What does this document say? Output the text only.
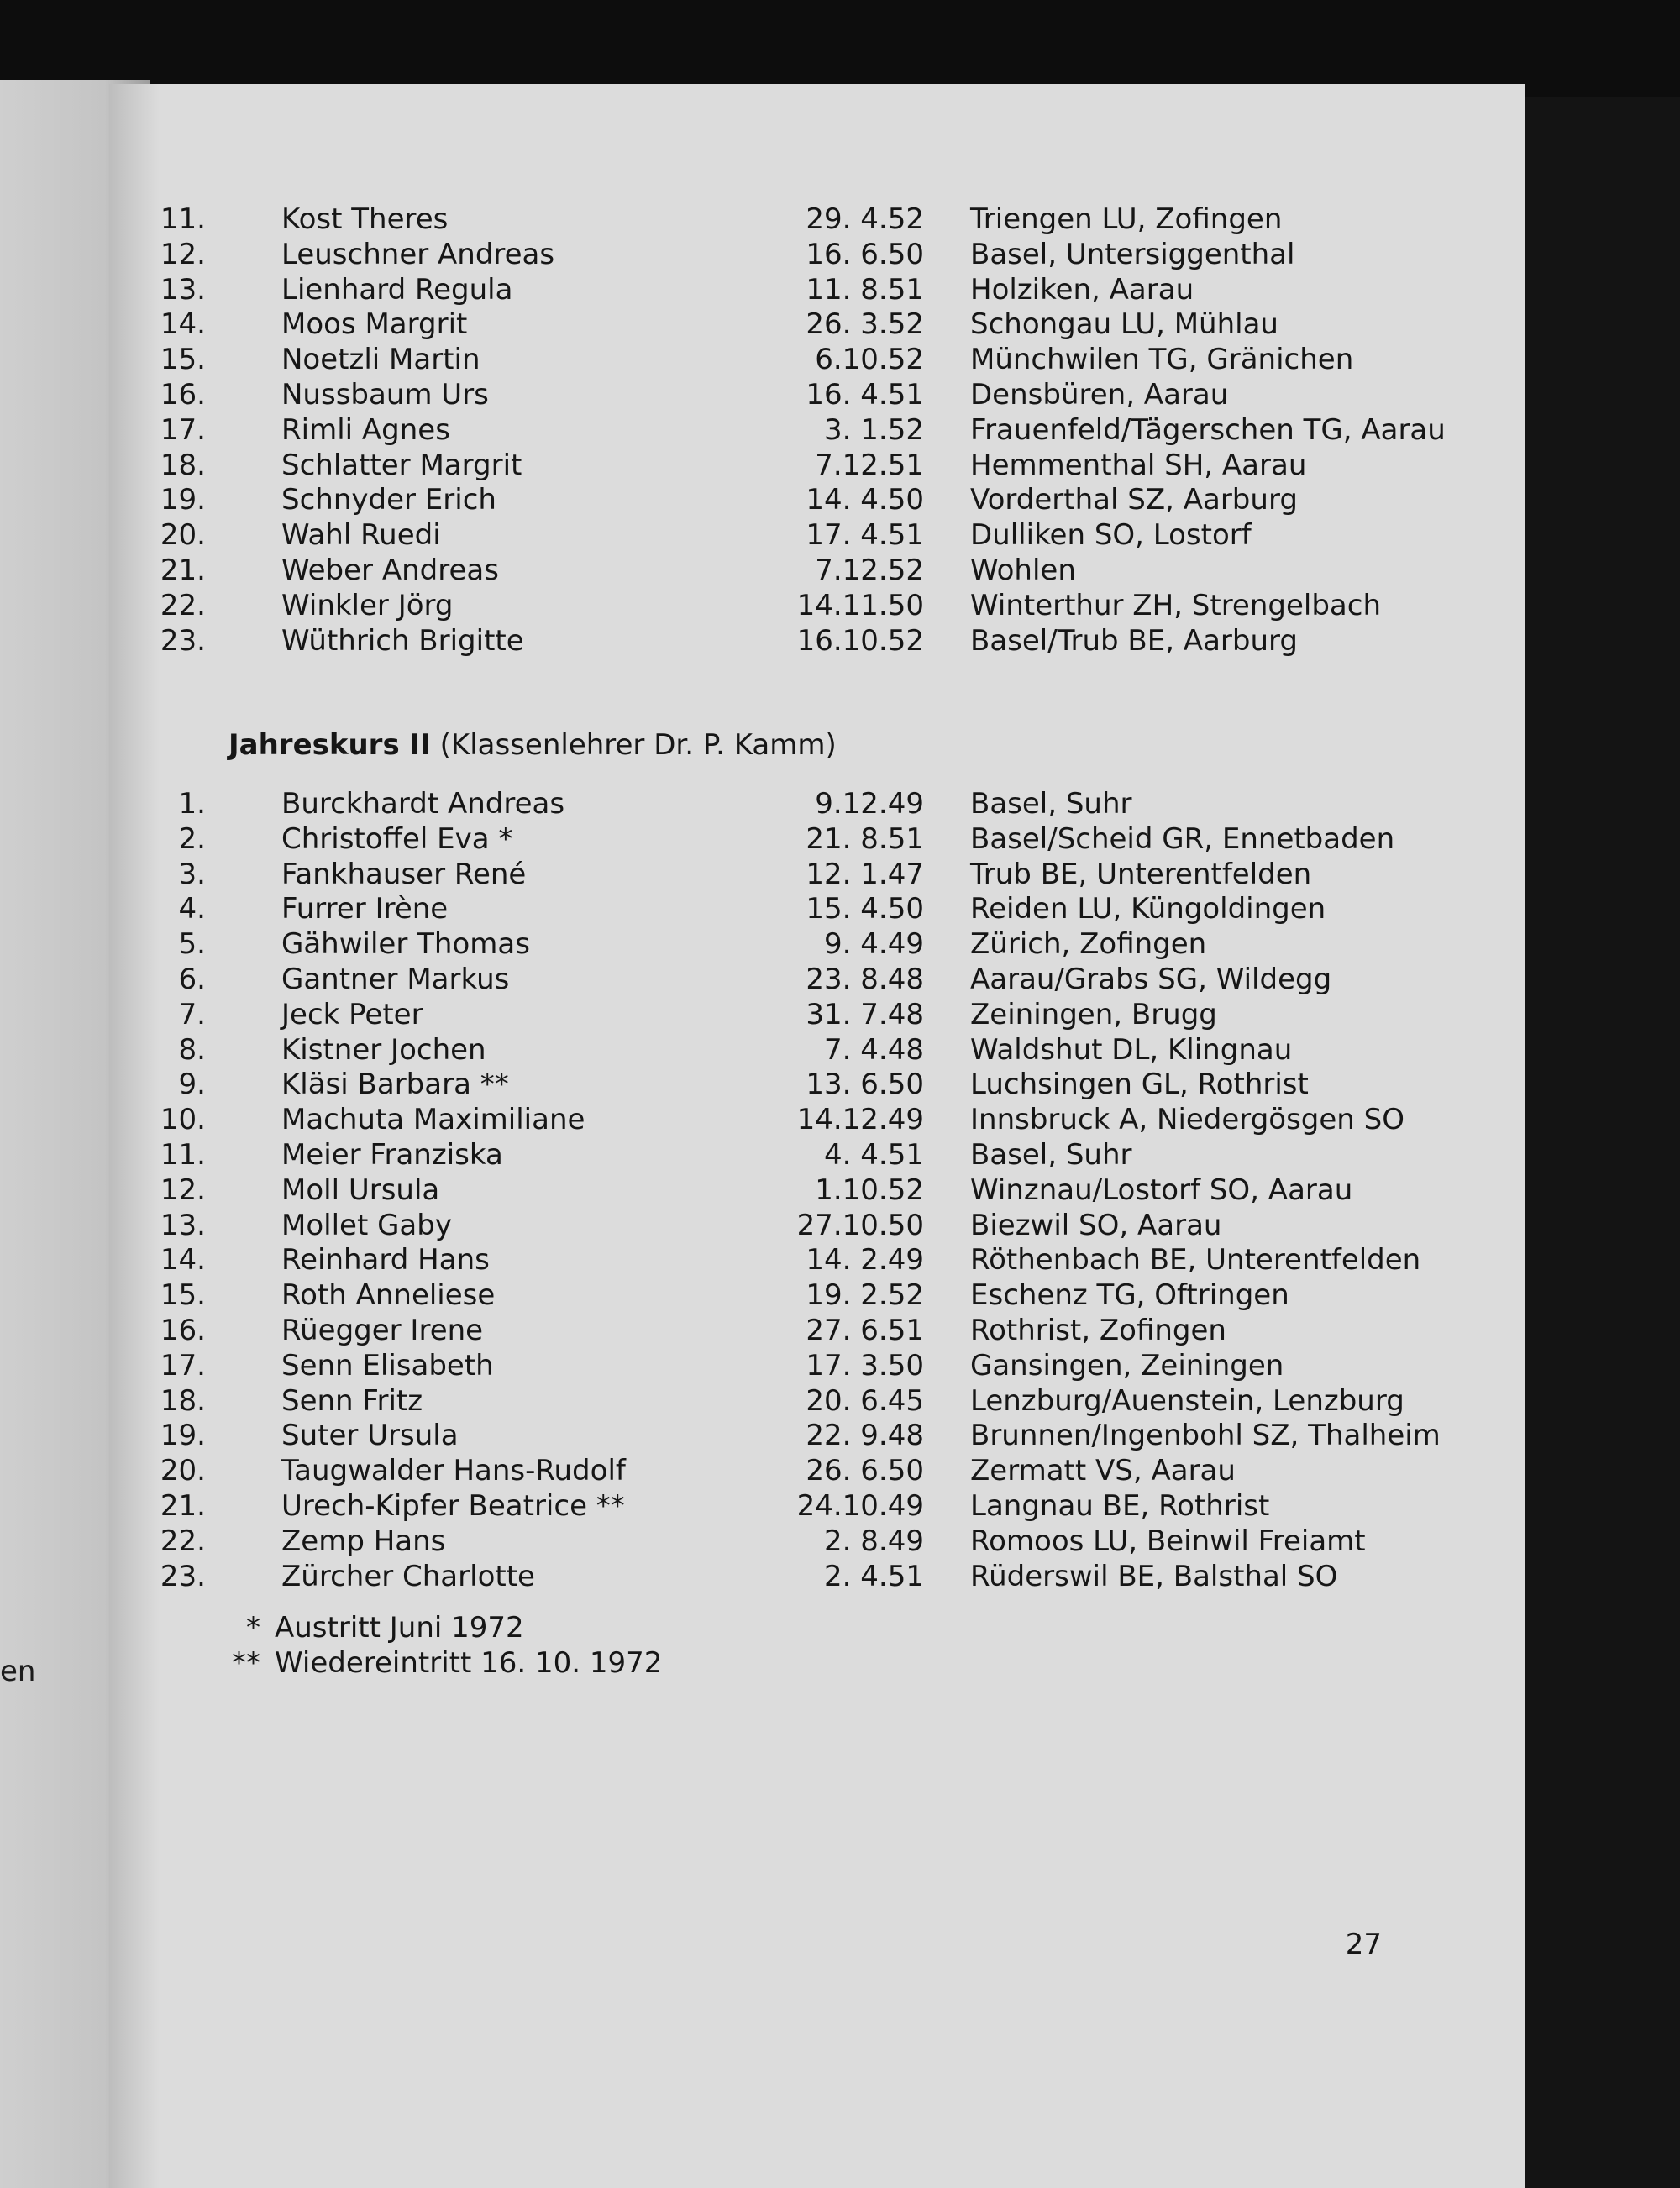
en
11.	Kost Theres	29. 4.52 Triengen LU, Zofingen
12.	Leuschner Andreas	16. 6.50 Basel, Untersiggenthal
13.	Lienhard Regula	11. 8.51 Holziken, Aarau
14.	Moos Margrit	26. 3.52 Schongau LU, Mühlau
15.	Noetzli Martin	6.10.52 Münchwilen TG, Gränichen
16.	Nussbaum Urs	16. 4.51 Densbüren, Aarau
17.	Rimli Agnes	3. 1.52 Frauenfeld/Tägerschen TG, Aarau
18.	Schlatter Margrit	7.12.51 Hemmenthal SH, Aarau
19.	Schnyder Erich	14. 4.50 Vorderthal SZ, Aarburg
20.	Wahl Ruedi	17. 4.51 Dulliken SO, Lostorf
21.	Weber Andreas	7.12.52 Wohlen
22.	Winkler Jörg	14.11.50 Winterthur ZH, Strengelbach
23.	Wüthrich Brigitte	16.10.52 Basel/Trub BE, Aarburg
Jahreskurs II (Klassenlehrer Dr. P. Kamm)
1.	Burckhardt Andreas	9.12.49 Basel, Suhr
2.	Christoffel Eva *	21. 8.51 Basel/Scheid GR, Ennetbaden
3.	Fankhauser René	12. 1.47 Trub BE, Unterentfelden
4.	Furrer Irène	15. 4.50 Reiden LU, Küngoldingen
5.	Gähwiler Thomas	9. 4.49 Zürich, Zofingen
6.	Gantner Markus	23. 8.48 Aarau/Grabs SG, Wildegg
7.	Jeck Peter	31. 7.48 Zeiningen, Brugg
8.	Kistner Jochen	7. 4.48 Waldshut DL, Klingnau
9.	Kläsi Barbara **	13. 6.50 Luchsingen GL, Rothrist
10.	Machuta Maximiliane	14.12.49 Innsbruck A, Niedergösgen SO
11.	Meier Franziska	4. 4.51 Basel, Suhr
12.	Moll Ursula	1.10.52 Winznau/Lostorf SO, Aarau
13.	Mollet Gaby	27.10.50 Biezwil SO, Aarau
14.	Reinhard Hans	14. 2.49 Röthenbach BE, Unterentfelden
15.	Roth Anneliese	19. 2.52 Eschenz TG, Oftringen
16.	Rüegger Irene	27. 6.51 Rothrist, Zofingen
17.	Senn Elisabeth	17. 3.50 Gansingen, Zeiningen
18.	Senn Fritz	20. 6.45 Lenzburg/Auenstein, Lenzburg
19.	Suter Ursula	22. 9.48 Brunnen/Ingenbohl SZ, Thalheim
20.	Taugwalder Hans-Rudolf	26. 6.50 Zermatt VS, Aarau
21.	Urech-Kipfer Beatrice **	24.10.49 Langnau BE, Rothrist
22.	Zemp Hans	2. 8.49 Romoos LU, Beinwil Freiamt
23.	Zürcher Charlotte	2. 4.51 Rüderswil BE, Balsthal SO
* Austritt Juni 1972
** Wiedereintritt 16. 10. 1972
27
